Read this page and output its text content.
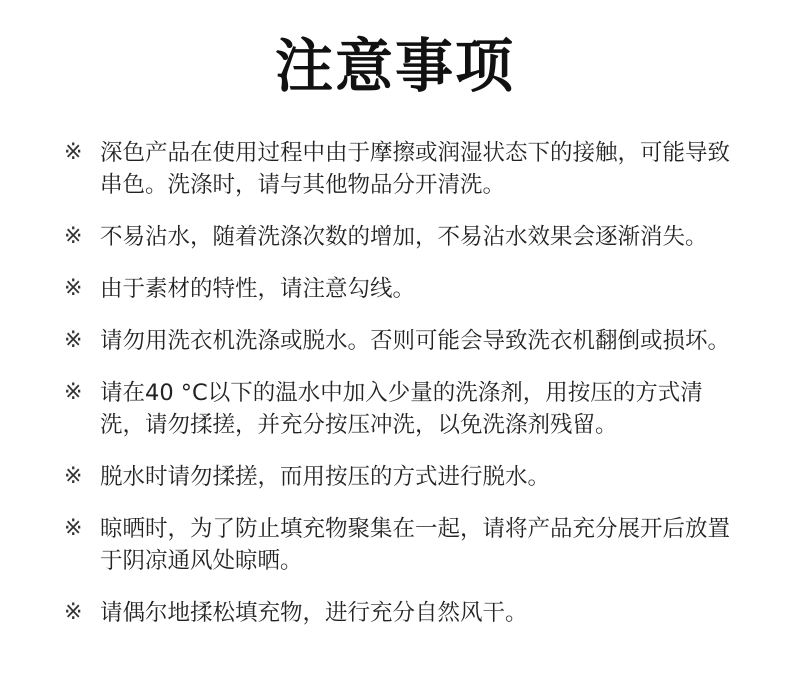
注意事项
※ 深色产品在使用过程中由于摩擦或润湿状态下的接触，可能导致串色。洗涤时，请与其他物品分开清洗。
※ 不易沾水，随着洗涤次数的增加，不易沾水效果会逐渐消失。
※ 由于素材的特性，请注意勾线。
※ 请勿用洗衣机洗涤或脱水。否则可能会导致洗衣机翻倒或损坏。
※ 请在40 °C以下的温水中加入少量的洗涤剂，用按压的方式清洗，请勿揉搓，并充分按压冲洗，以免洗涤剂残留。
※ 脱水时请勿揉搓，而用按压的方式进行脱水。
※ 晾晒时，为了防止填充物聚集在一起，请将产品充分展开后放置于阴凉通风处晾晒。
※ 请偶尔地揉松填充物，进行充分自然风干。
